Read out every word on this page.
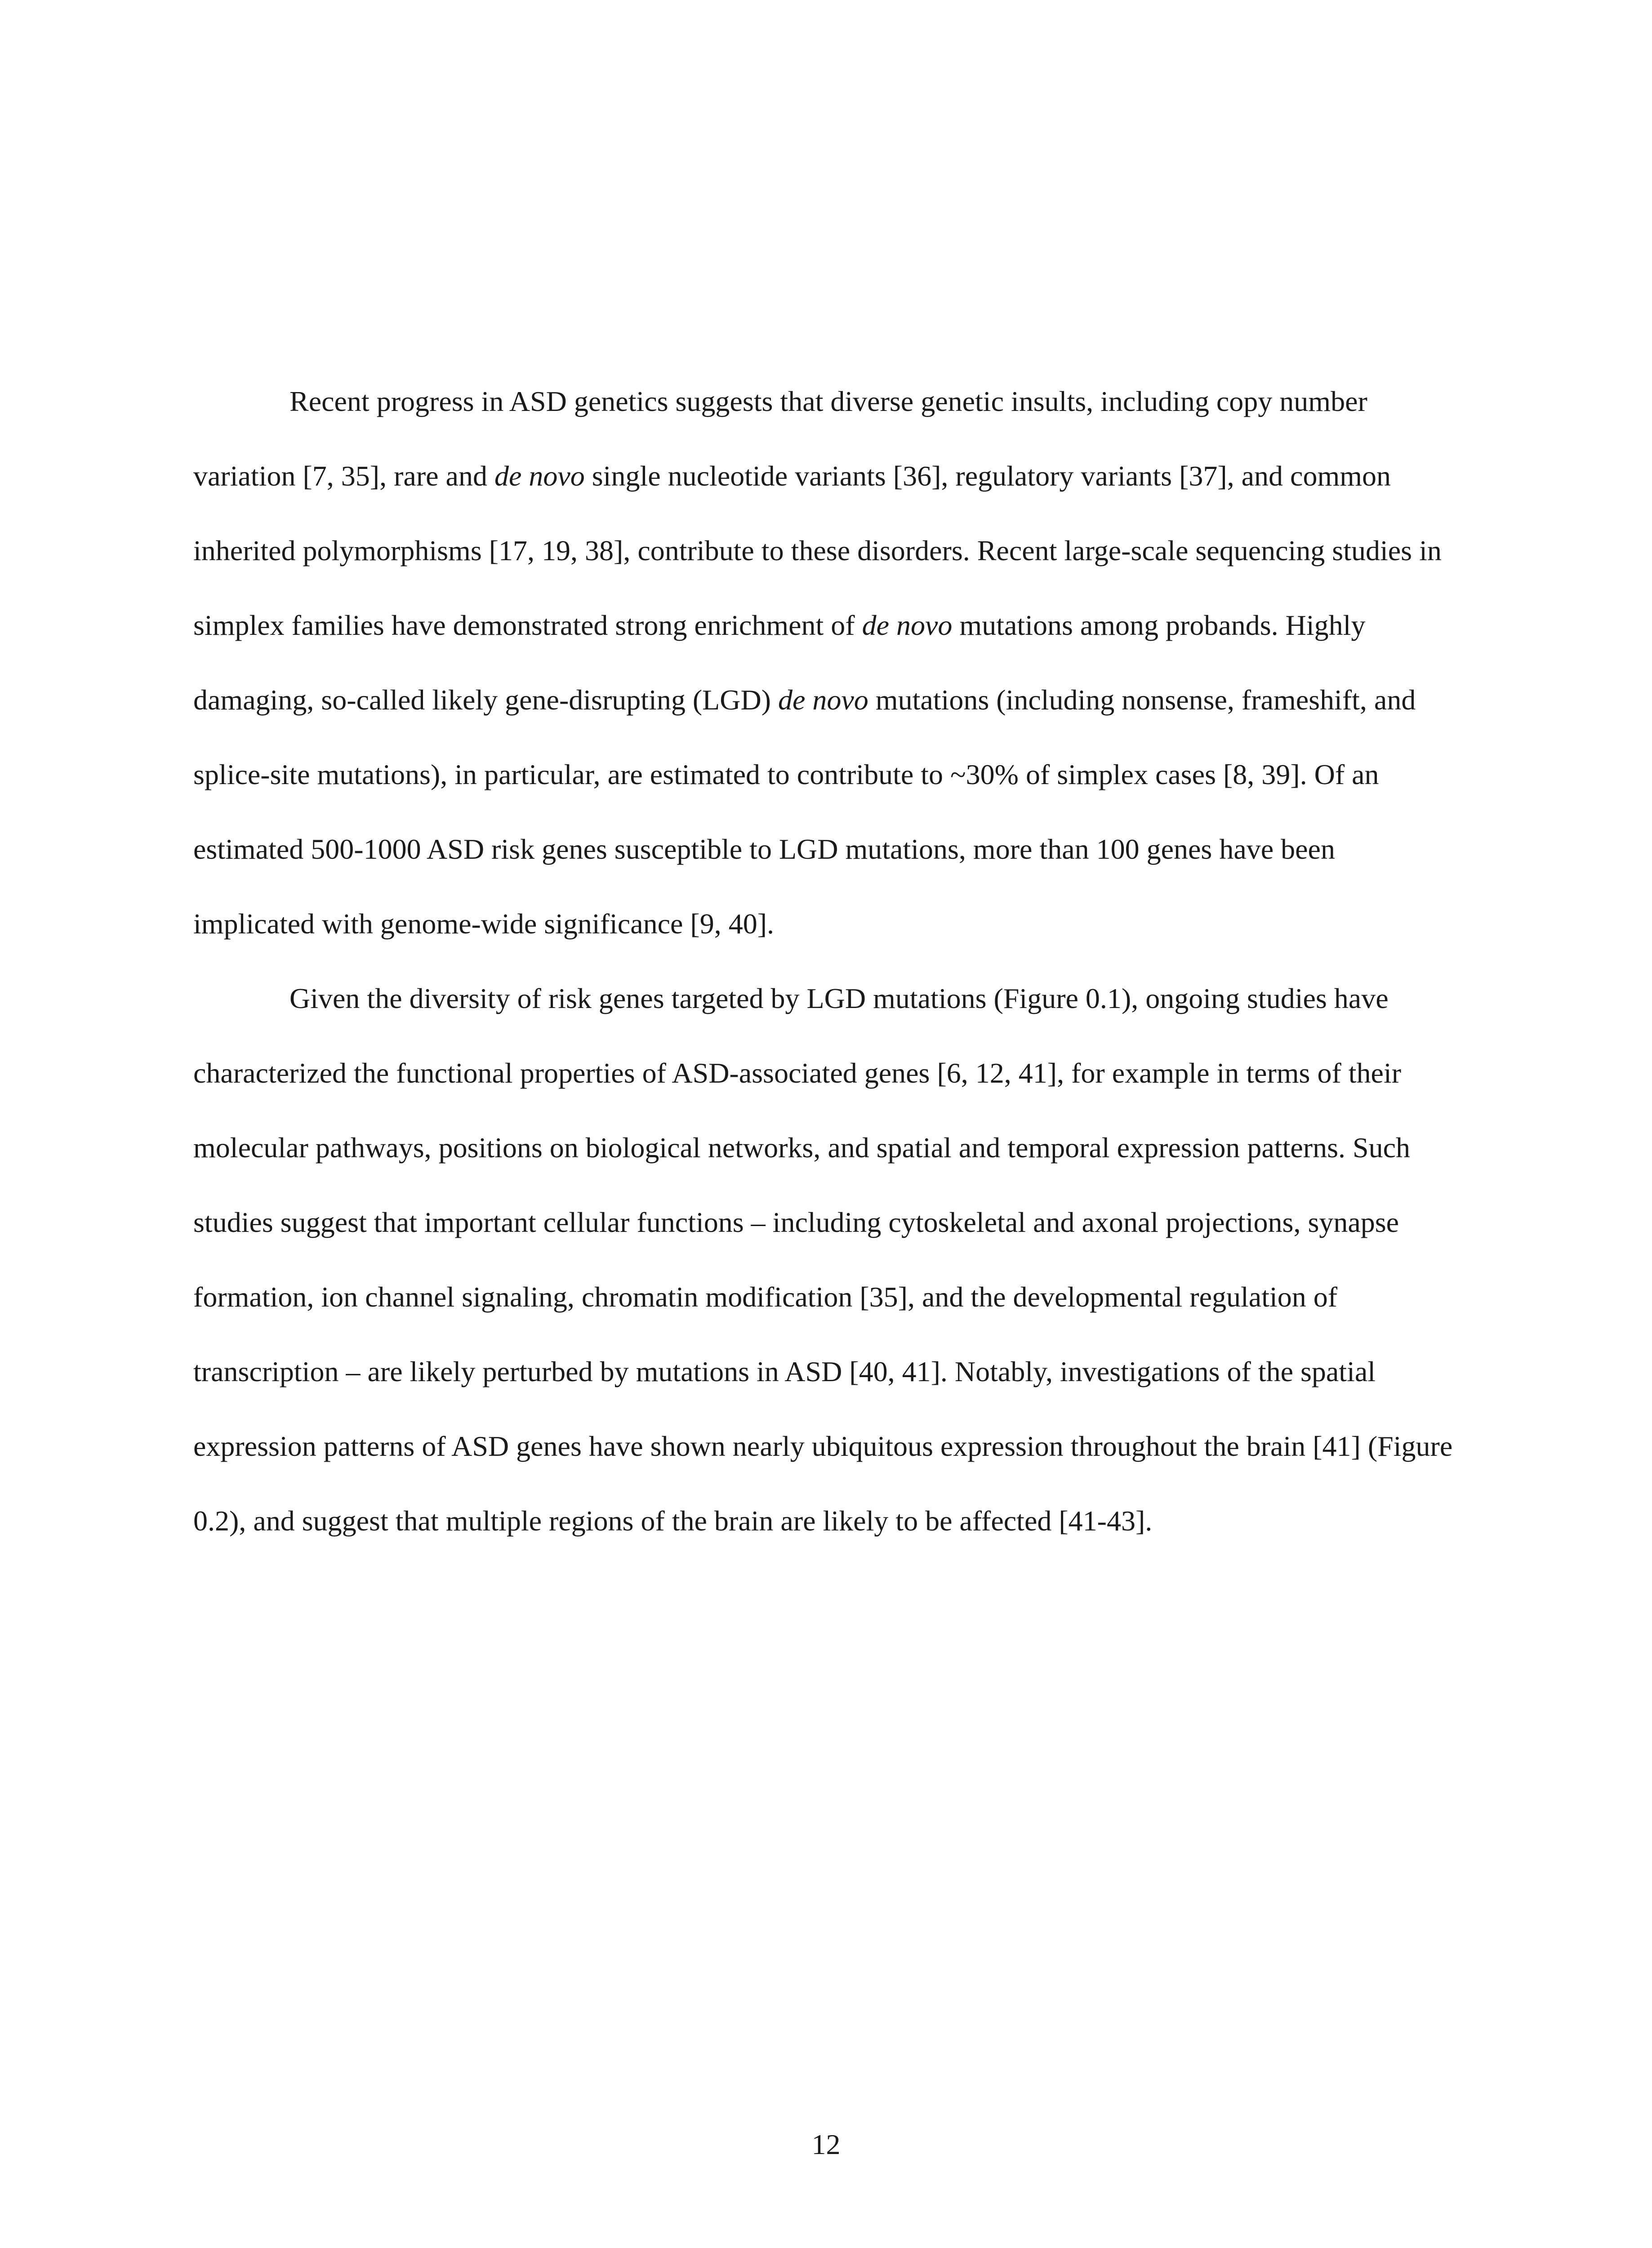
Recent progress in ASD genetics suggests that diverse genetic insults, including copy number variation [7, 35], rare and de novo single nucleotide variants [36], regulatory variants [37], and common inherited polymorphisms [17, 19, 38], contribute to these disorders. Recent large-scale sequencing studies in simplex families have demonstrated strong enrichment of de novo mutations among probands. Highly damaging, so-called likely gene-disrupting (LGD) de novo mutations (including nonsense, frameshift, and splice-site mutations), in particular, are estimated to contribute to ~30% of simplex cases [8, 39]. Of an estimated 500-1000 ASD risk genes susceptible to LGD mutations, more than 100 genes have been implicated with genome-wide significance [9, 40].

Given the diversity of risk genes targeted by LGD mutations (Figure 0.1), ongoing studies have characterized the functional properties of ASD-associated genes [6, 12, 41], for example in terms of their molecular pathways, positions on biological networks, and spatial and temporal expression patterns. Such studies suggest that important cellular functions – including cytoskeletal and axonal projections, synapse formation, ion channel signaling, chromatin modification [35], and the developmental regulation of transcription – are likely perturbed by mutations in ASD [40, 41]. Notably, investigations of the spatial expression patterns of ASD genes have shown nearly ubiquitous expression throughout the brain [41] (Figure 0.2), and suggest that multiple regions of the brain are likely to be affected [41-43].

12
